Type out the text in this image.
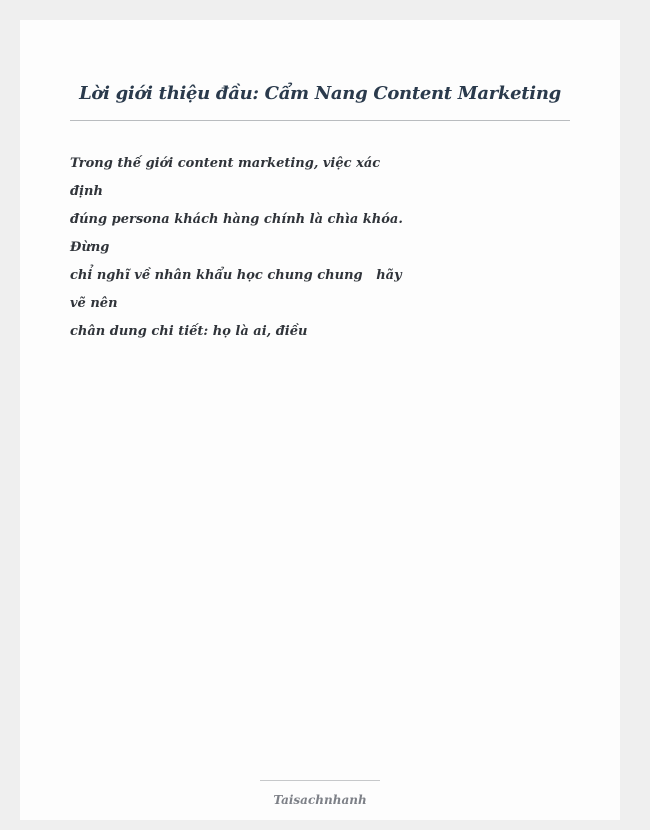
Lời giới thiệu đầu: Cẩm Nang Content Marketing
Trong thế giới content marketing, việc xác
định
đúng persona khách hàng chính là chìa khóa.
Đừng
chỉ nghĩ về nhân khẩu học chung chung   hãy
vẽ nên
chân dung chi tiết: họ là ai, điều
Taisachnhanh
